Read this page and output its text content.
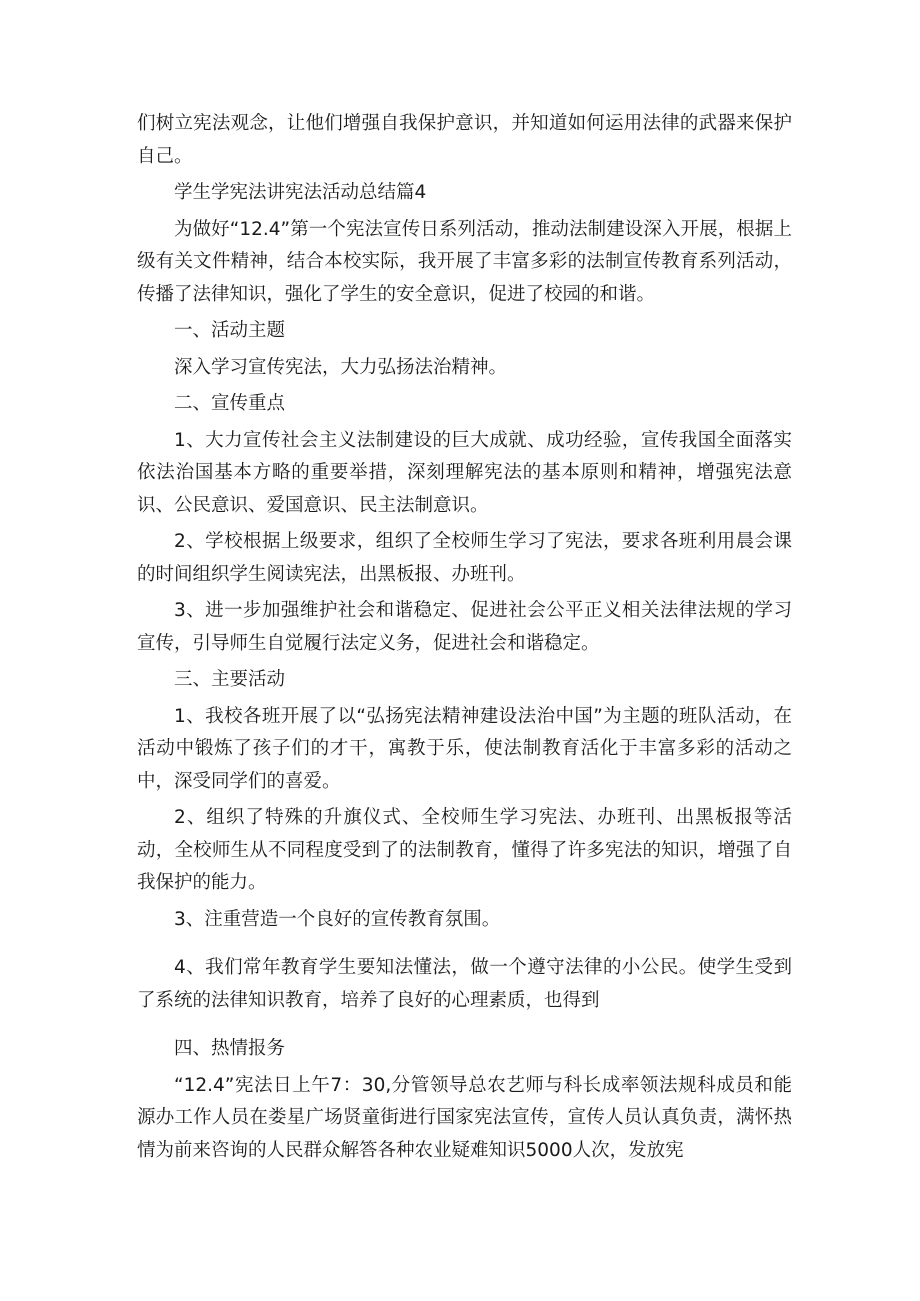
们树立宪法观念，让他们增强自我保护意识，并知道如何运用法律的武器来保护自己。

学生学宪法讲宪法活动总结篇4

为做好“12.4”第一个宪法宣传日系列活动，推动法制建设深入开展，根据上级有关文件精神，结合本校实际，我开展了丰富多彩的法制宣传教育系列活动，传播了法律知识，强化了学生的安全意识，促进了校园的和谐。

一、活动主题

深入学习宣传宪法，大力弘扬法治精神。

二、宣传重点

1、大力宣传社会主义法制建设的巨大成就、成功经验，宣传我国全面落实依法治国基本方略的重要举措，深刻理解宪法的基本原则和精神，增强宪法意识、公民意识、爱国意识、民主法制意识。

2、学校根据上级要求，组织了全校师生学习了宪法，要求各班利用晨会课的时间组织学生阅读宪法，出黑板报、办班刊。

3、进一步加强维护社会和谐稳定、促进社会公平正义相关法律法规的学习宣传，引导师生自觉履行法定义务，促进社会和谐稳定。

三、主要活动

1、我校各班开展了以“弘扬宪法精神建设法治中国”为主题的班队活动，在活动中锻炼了孩子们的才干，寓教于乐，使法制教育活化于丰富多彩的活动之中，深受同学们的喜爱。

2、组织了特殊的升旗仪式、全校师生学习宪法、办班刊、出黑板报等活动，全校师生从不同程度受到了的法制教育，懂得了许多宪法的知识，增强了自我保护的能力。

3、注重营造一个良好的宣传教育氛围。

4、我们常年教育学生要知法懂法，做一个遵守法律的小公民。使学生受到了系统的法律知识教育，培养了良好的心理素质，也得到

四、热情报务

“12.4”宪法日上午7：30,分管领导总农艺师与科长成率领法规科成员和能源办工作人员在娄星广场贤童街进行国家宪法宣传，宣传人员认真负责，满怀热情为前来咨询的人民群众解答各种农业疑难知识5000人次，发放宪
